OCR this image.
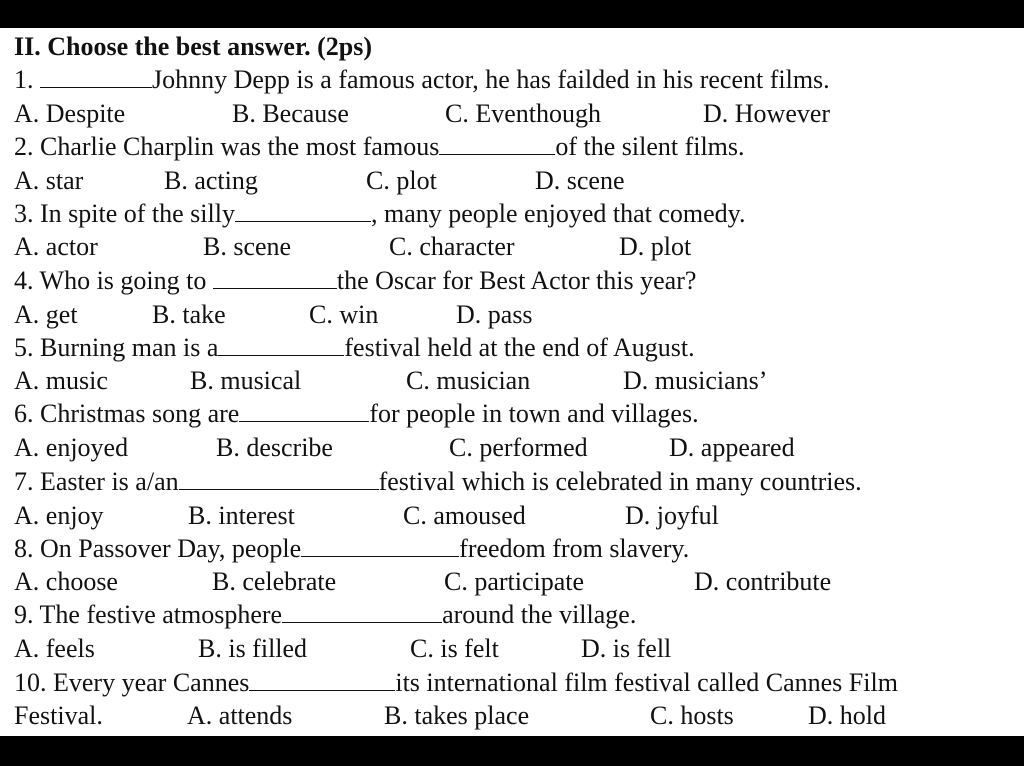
II. Choose the best answer. (2ps)
1.	Johnny Depp is a famous actor, he has failded in his recent films.
A. Despite	B. Because	C. Eventhough	D. However
2. Charlie Charplin was the most famous	of the silent films.
A. star	B. acting	C. plot	D. scene
3. In spite of the silly	, many people enjoyed that comedy.
A. actor	B. scene	C. character	D. plot
4. Who is going to	the Oscar for Best Actor this year?
A. get	B. take	C. win	D. pass
5. Burning man is a	festival held at the end of August.
A. music	B. musical	C. musician	D. musicians’
6. Christmas song are	for people in town and villages.
A. enjoyed	B. describe	C. performed	D. appeared
7. Easter is a/an	festival which is celebrated in many countries.
A. enjoy	B. interest	C. amoused	D. joyful
8. On Passover Day, people	freedom from slavery.
A. choose	B. celebrate	C. participate	D. contribute
9. The festive atmosphere	around the village.
A. feels	B. is filled	C. is felt	D. is fell
10. Every year Cannes	its international film festival called Cannes Film
Festival.	A. attends	B. takes place	C. hosts	D. hold
